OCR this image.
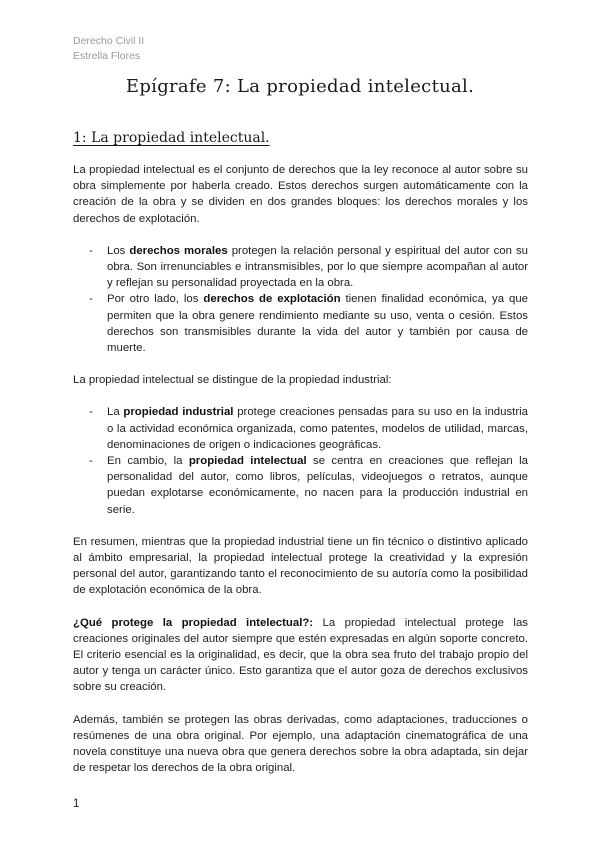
Derecho Civil II
Estrella Flores
Epígrafe 7: La propiedad intelectual.
1: La propiedad intelectual.

La propiedad intelectual es el conjunto de derechos que la ley reconoce al autor sobre su obra simplemente por haberla creado. Estos derechos surgen automáticamente con la creación de la obra y se dividen en dos grandes bloques: los derechos morales y los derechos de explotación.

- Los derechos morales protegen la relación personal y espiritual del autor con su obra. Son irrenunciables e intransmisibles, por lo que siempre acompañan al autor y reflejan su personalidad proyectada en la obra.
- Por otro lado, los derechos de explotación tienen finalidad económica, ya que permiten que la obra genere rendimiento mediante su uso, venta o cesión. Estos derechos son transmisibles durante la vida del autor y también por causa de muerte.

La propiedad intelectual se distingue de la propiedad industrial:

- La propiedad industrial protege creaciones pensadas para su uso en la industria o la actividad económica organizada, como patentes, modelos de utilidad, marcas, denominaciones de origen o indicaciones geográficas.
- En cambio, la propiedad intelectual se centra en creaciones que reflejan la personalidad del autor, como libros, películas, videojuegos o retratos, aunque puedan explotarse económicamente, no nacen para la producción industrial en serie.

En resumen, mientras que la propiedad industrial tiene un fin técnico o distintivo aplicado al ámbito empresarial, la propiedad intelectual protege la creatividad y la expresión personal del autor, garantizando tanto el reconocimiento de su autoría como la posibilidad de explotación económica de la obra.

¿Qué protege la propiedad intelectual?: La propiedad intelectual protege las creaciones originales del autor siempre que estén expresadas en algún soporte concreto. El criterio esencial es la originalidad, es decir, que la obra sea fruto del trabajo propio del autor y tenga un carácter único. Esto garantiza que el autor goza de derechos exclusivos sobre su creación.

Además, también se protegen las obras derivadas, como adaptaciones, traducciones o resúmenes de una obra original. Por ejemplo, una adaptación cinematográfica de una novela constituye una nueva obra que genera derechos sobre la obra adaptada, sin dejar de respetar los derechos de la obra original.

1
